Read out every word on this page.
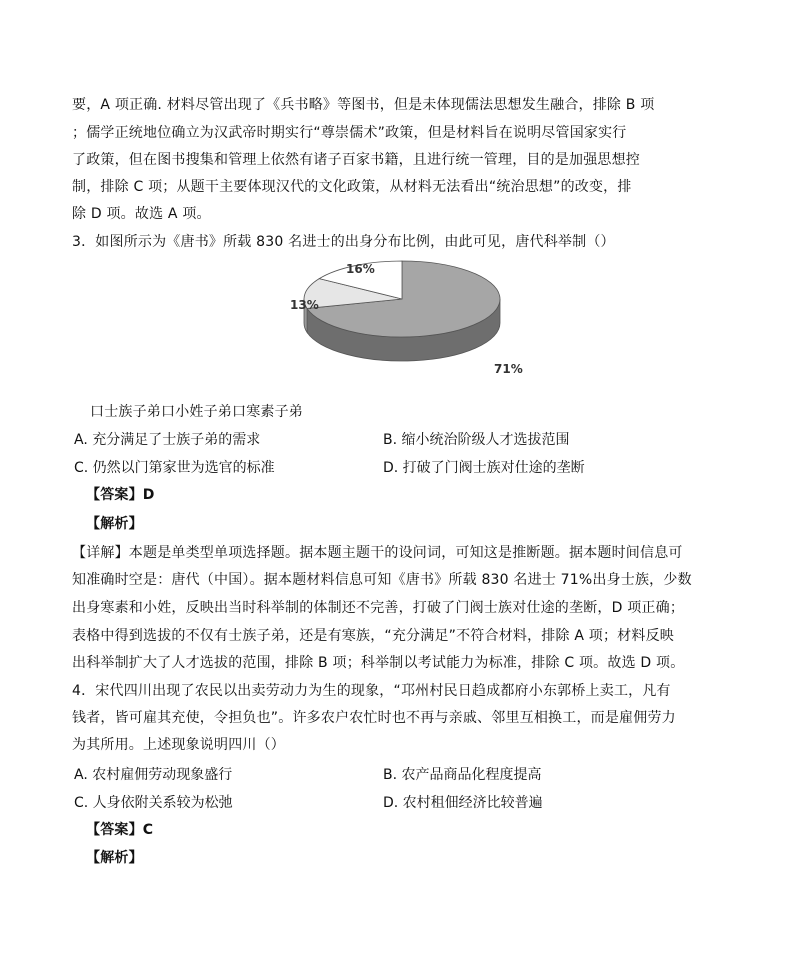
要，A 项正确. 材料尽管出现了《兵书略》等图书，但是未体现儒法思想发生融合，排除 B 项
；儒学正统地位确立为汉武帝时期实行“尊崇儒术”政策，但是材料旨在说明尽管国家实行
了政策，但在图书搜集和管理上依然有诸子百家书籍，且进行统一管理，目的是加强思想控
制，排除 C 项；从题干主要体现汉代的文化政策，从材料无法看出“统治思想”的改变，排
除 D 项。故选 A 项。
3．如图所示为《唐书》所载 830 名进士的出身分布比例，由此可见，唐代科举制（）
71%
13%
16%
口士族子弟口小姓子弟口寒素子弟
A. 充分满足了士族子弟的需求	B. 缩小统治阶级人才选拔范围
C. 仍然以门第家世为选官的标准	D. 打破了门阀士族对仕途的垄断
【答案】D
【解析】
【详解】本题是单类型单项选择题。据本题主题干的设问词，可知这是推断题。据本题时间信息可
知准确时空是：唐代（中国）。据本题材料信息可知《唐书》所载 830 名进士 71%出身士族，少数
出身寒素和小姓，反映出当时科举制的体制还不完善，打破了门阀士族对仕途的垄断，D 项正确；
表格中得到选拔的不仅有士族子弟，还是有寒族，“充分满足”不符合材料，排除 A 项；材料反映
出科举制扩大了人才选拔的范围，排除 B 项；科举制以考试能力为标准，排除 C 项。故选 D 项。
4．宋代四川出现了农民以出卖劳动力为生的现象，“邛州村民日趋成都府小东郭桥上卖工，凡有
钱者，皆可雇其充使，令担负也”。许多农户农忙时也不再与亲戚、邻里互相换工，而是雇佣劳力
为其所用。上述现象说明四川（）
A. 农村雇佣劳动现象盛行	B. 农产品商品化程度提高
C. 人身依附关系较为松弛	D. 农村租佃经济比较普遍
【答案】C
【解析】
